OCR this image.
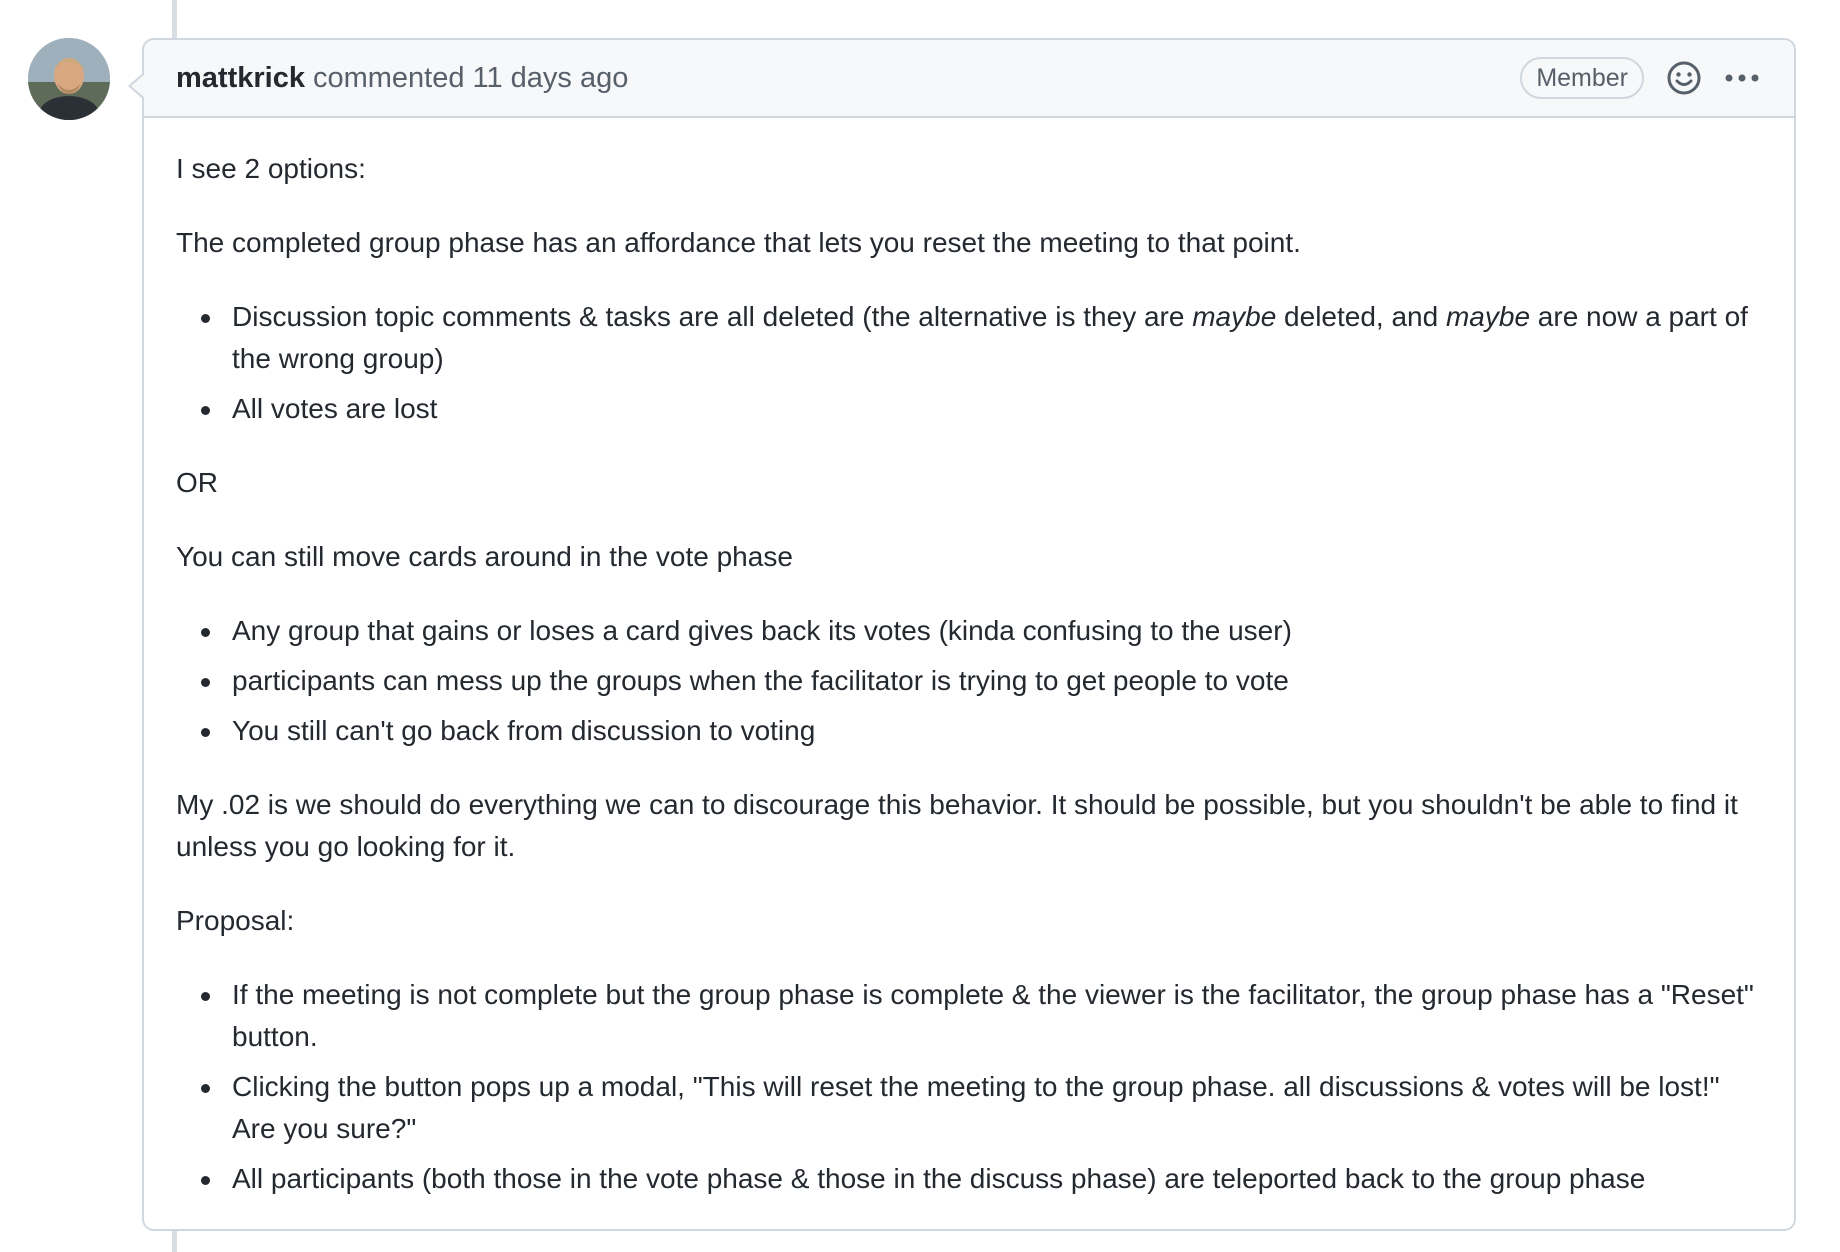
mattkrick commented 11 days ago	Member

I see 2 options:

The completed group phase has an affordance that lets you reset the meeting to that point.

Discussion topic comments & tasks are all deleted (the alternative is they are maybe deleted, and maybe are now a part of the wrong group)
All votes are lost

OR

You can still move cards around in the vote phase

Any group that gains or loses a card gives back its votes (kinda confusing to the user)
participants can mess up the groups when the facilitator is trying to get people to vote
You still can't go back from discussion to voting

My .02 is we should do everything we can to discourage this behavior. It should be possible, but you shouldn't be able to find it unless you go looking for it.

Proposal:

If the meeting is not complete but the group phase is complete & the viewer is the facilitator, the group phase has a "Reset" button.
Clicking the button pops up a modal, "This will reset the meeting to the group phase. all discussions & votes will be lost!" Are you sure?"
All participants (both those in the vote phase & those in the discuss phase) are teleported back to the group phase
